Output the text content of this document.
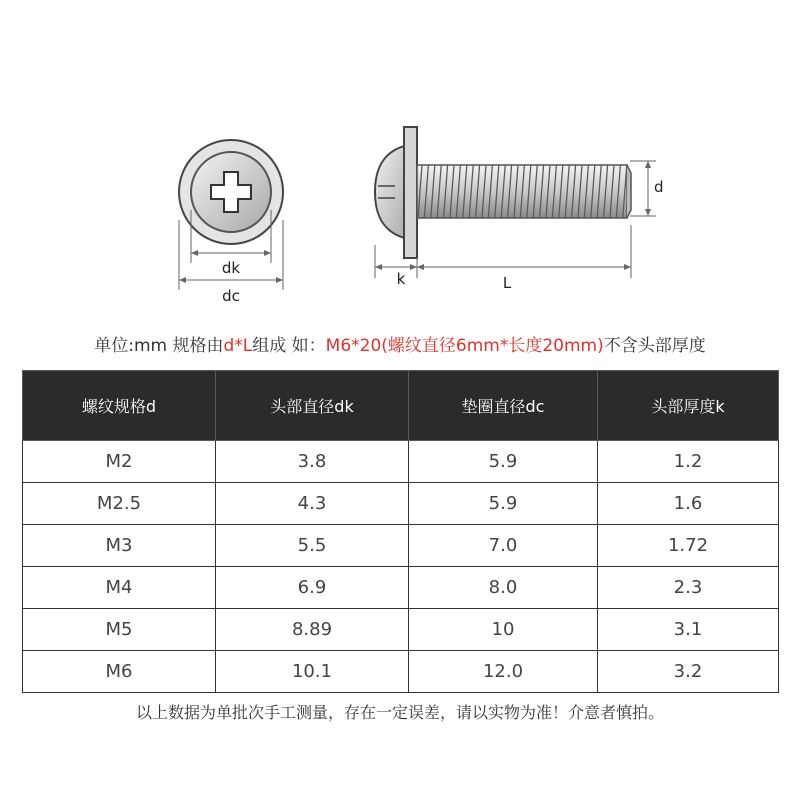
dk
dc
d
k	L
单位:mm 规格由d*L组成 如：M6*20(螺纹直径6mm*长度20mm)不含头部厚度
螺纹规格d	头部直径dk	垫圈直径dc	头部厚度k
M2	3.8	5.9	1.2
M2.5	4.3	5.9	1.6
M3	5.5	7.0	1.72
M4	6.9	8.0	2.3
M5	8.89	10	3.1
M6	10.1	12.0	3.2
以上数据为单批次手工测量，存在一定误差，请以实物为准！介意者慎拍。
